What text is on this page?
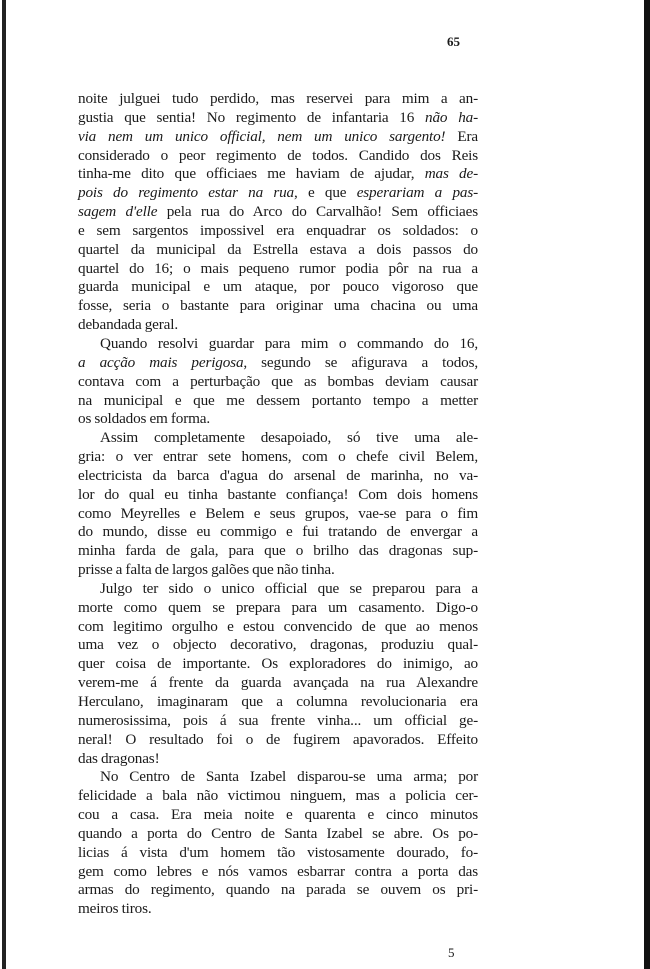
65
noite julguei tudo perdido, mas reservei para mim a an-
gustia que sentia! No regimento de infantaria 16 não ha-
via nem um unico official, nem um unico sargento! Era
considerado o peor regimento de todos. Candido dos Reis
tinha-me dito que officiaes me haviam de ajudar, mas de-
pois do regimento estar na rua, e que esperariam a pas-
sagem d'elle pela rua do Arco do Carvalhão! Sem officiaes
e sem sargentos impossivel era enquadrar os soldados: o
quartel da municipal da Estrella estava a dois passos do
quartel do 16; o mais pequeno rumor podia pôr na rua a
guarda municipal e um ataque, por pouco vigoroso que
fosse, seria o bastante para originar uma chacina ou uma
debandada geral.
Quando resolvi guardar para mim o commando do 16,
a acção mais perigosa, segundo se afigurava a todos,
contava com a perturbação que as bombas deviam causar
na municipal e que me dessem portanto tempo a metter
os soldados em forma.
Assim completamente desapoiado, só tive uma ale-
gria: o ver entrar sete homens, com o chefe civil Belem,
electricista da barca d'agua do arsenal de marinha, no va-
lor do qual eu tinha bastante confiança! Com dois homens
como Meyrelles e Belem e seus grupos, vae-se para o fim
do mundo, disse eu commigo e fui tratando de envergar a
minha farda de gala, para que o brilho das dragonas sup-
prisse a falta de largos galões que não tinha.
Julgo ter sido o unico official que se preparou para a
morte como quem se prepara para um casamento. Digo-o
com legitimo orgulho e estou convencido de que ao menos
uma vez o objecto decorativo, dragonas, produziu qual-
quer coisa de importante. Os exploradores do inimigo, ao
verem-me á frente da guarda avançada na rua Alexandre
Herculano, imaginaram que a columna revolucionaria era
numerosissima, pois á sua frente vinha... um official ge-
neral! O resultado foi o de fugirem apavorados. Effeito
das dragonas!
No Centro de Santa Izabel disparou-se uma arma; por
felicidade a bala não victimou ninguem, mas a policia cer-
cou a casa. Era meia noite e quarenta e cinco minutos
quando a porta do Centro de Santa Izabel se abre. Os po-
licias á vista d'um homem tão vistosamente dourado, fo-
gem como lebres e nós vamos esbarrar contra a porta das
armas do regimento, quando na parada se ouvem os pri-
meiros tiros.
5
